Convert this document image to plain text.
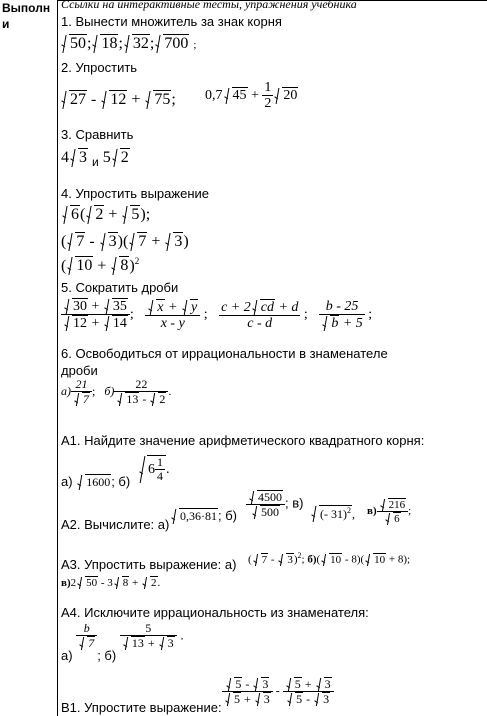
Выполн и
Ссылки на интерактивные тесты, упражнения учебника
1. Вынести множитель за знак корня
50; 18; 32; 700 ;
2. Упростить
27 - 12 + 75; 0,7 $45 + \frac{1}{2} 20$
3. Сравнить
4 3 $_и$ 5 2
4. Упростить выражение
6( 2 +
5);
( 7 -
3)( 7 +
3)
( 10 +
8)$^2$
5. Сократить дроби
30 +
35
12 +
14 ; x +
y
x - y ; $\frac{c + 2 cd + d}{c - d}$ ; $\frac{b - 25}{b + 5}$ ;
6. Освободиться от иррациональности в знаменателе
дроби
$а) \frac{21}{7}$ ; б) 22
13 -
2 .
А1. Найдите значение арифметического квадратного корня:
а) 1600; б)
$6 \frac{1}{4}$ .
А2. Вычислите: а)
0,36·81; $б) \frac{4500}{500}$ ; в)
(- 31)$^2$, $в) \frac{216}{6}$ ;
А3. Упростить выражение: а) ( 7 -
3)$^2$; б)( 10 - 8)( 10 + 8);
в)2 50 - 3 8 +
2.
А4. Исключите иррациональность из знаменателя:
а)
$\frac{b}{7}$
; б)
5
13 +
3 .
В1. Упростите выражение:
5 -
3
5 +
3 - 5 +
3
5 -
3
